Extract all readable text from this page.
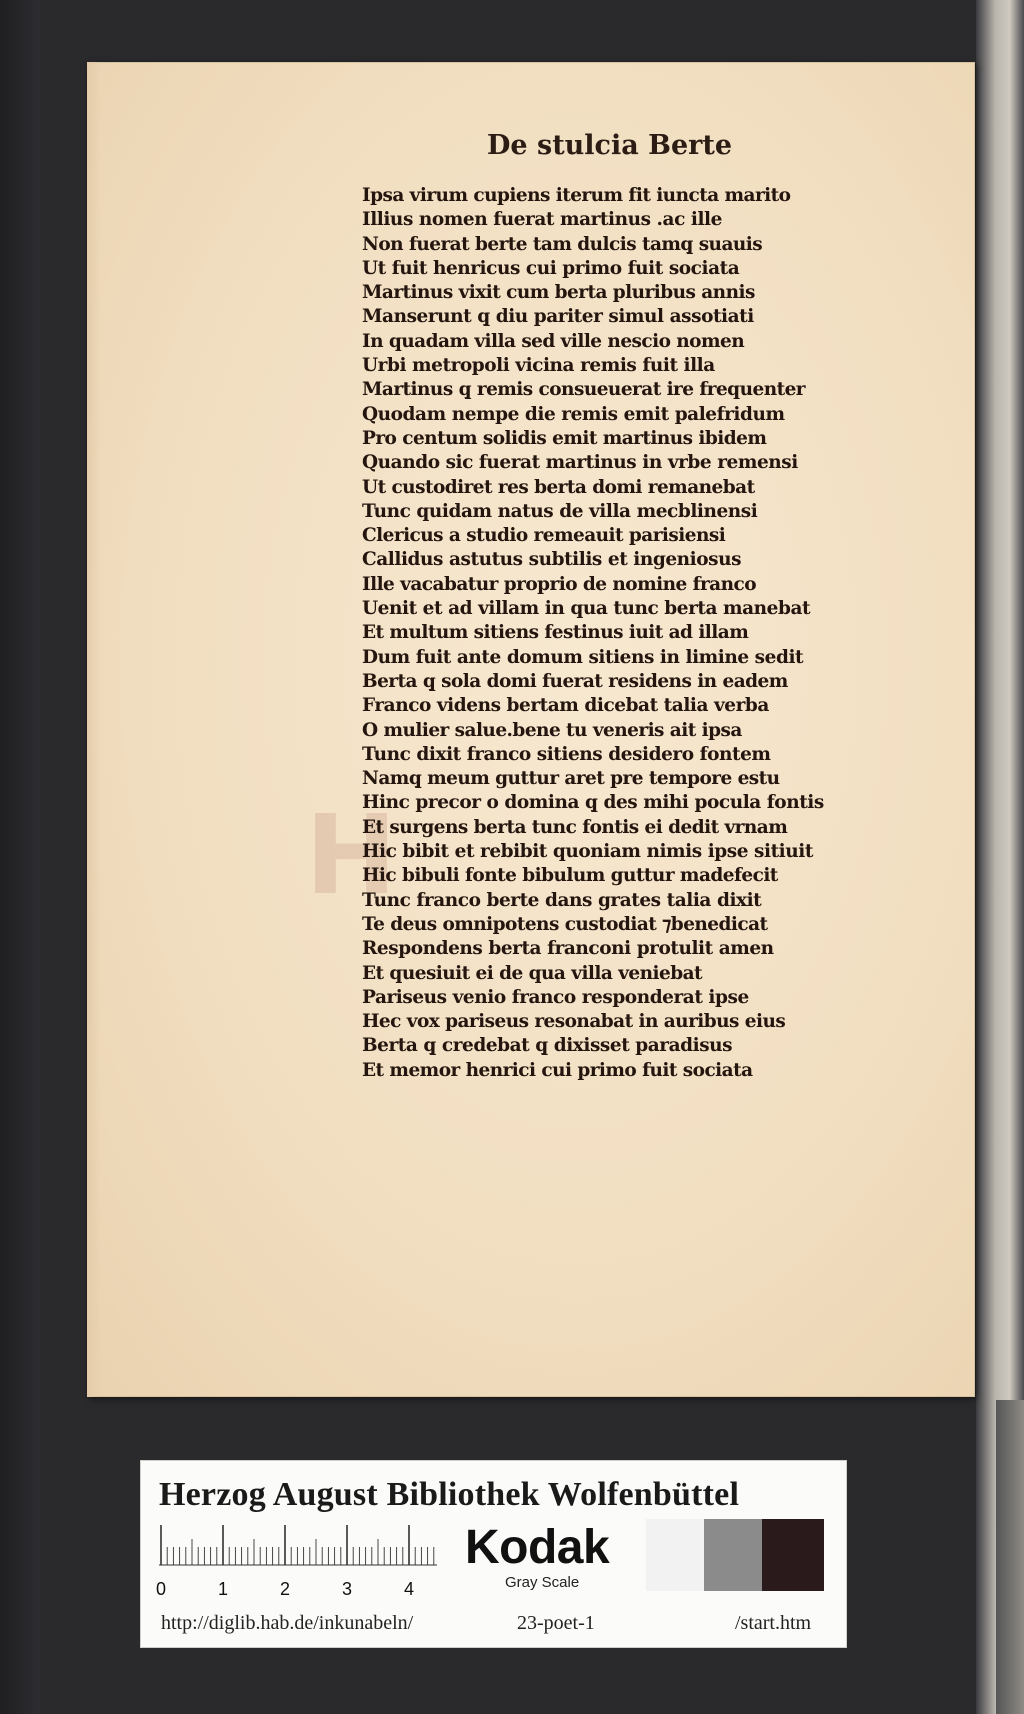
H
De stulcia Berte
Ipsa virum cupiens iterum fit iuncta marito
Illius nomen fuerat martinus .ac ille
Non fuerat berte tam dulcis tamq̧ suauis
Ut fuit henricus cui primo fuit sociata
Martinus vixit cum berta pluribus annis
Manserunt q̧ diu pariter simul assotiati
In quadam villa sed ville nescio nomen
Urbi metropoli vicina remis fuit illa
Martinus q̧ remis consueuerat ire frequenter
Quodam nempe die remis emit palefridum
Pro centum solidis emit martinus ibidem
Quando sic fuerat martinus in vrbe remensi
Ut custodiret res berta domi remanebat
Tunc quidam natus de villa mecblinensi
Clericus a studio remeauit parisiensi
Callidus astutus subtilis et ingeniosus
Ille vacabatur proprio de nomine franco
Uenit et ad villam in qua tunc berta manebat
Et multum sitiens festinus iuit ad illam
Dum fuit ante domum sitiens in limine sedit
Berta q̧ sola domi fuerat residens in eadem
Franco videns bertam dicebat talia verba
O mulier salue.bene tu veneris ait ipsa
Tunc dixit franco sitiens desidero fontem
Namq̧ meum guttur aret pre tempore estu
Hinc precor o domina q̧ des mihi pocula fontis
Et surgens berta tunc fontis ei dedit vrnam
Hic bibit et rebibit quoniam nimis ipse sitiuit
Hic bibuli fonte bibulum guttur madefecit
Tunc franco berte dans grates talia dixit
Te deus omnipotens custodiat ⁊benedicat
Respondens berta franconi protulit amen
Et quesiuit ei de qua villa veniebat
Pariseus venio franco responderat ipse
Hec vox pariseus resonabat in auribus eius
Berta q̧ credebat q̧ dixisset paradisus
Et memor henrici cui primo fuit sociata
Herzog August Bibliothek Wolfenbüttel
0	1	2	3	4
Kodak
Gray Scale
http://diglib.hab.de/inkunabeln/	23-poet-1	/start.htm
